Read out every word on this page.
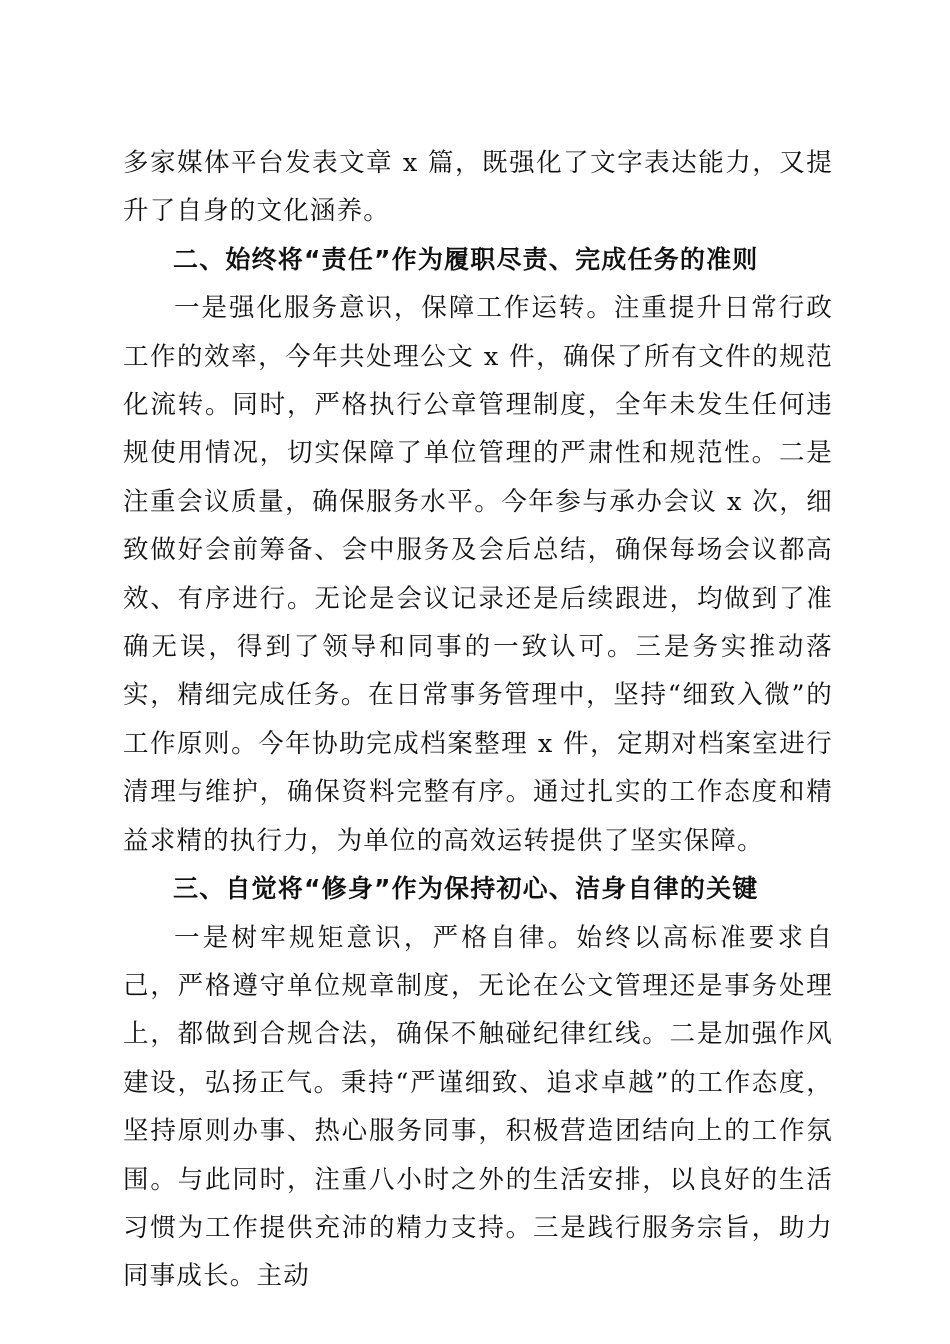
多家媒体平台发表文章 x 篇，既强化了文字表达能力，又提升了自身的文化涵养。

二、始终将“责任”作为履职尽责、完成任务的准则

一是强化服务意识，保障工作运转。注重提升日常行政工作的效率，今年共处理公文 x 件，确保了所有文件的规范化流转。同时，严格执行公章管理制度，全年未发生任何违规使用情况，切实保障了单位管理的严肃性和规范性。二是注重会议质量，确保服务水平。今年参与承办会议 x 次，细致做好会前筹备、会中服务及会后总结，确保每场会议都高效、有序进行。无论是会议记录还是后续跟进，均做到了准确无误，得到了领导和同事的一致认可。三是务实推动落实，精细完成任务。在日常事务管理中，坚持“细致入微”的工作原则。今年协助完成档案整理 x 件，定期对档案室进行清理与维护，确保资料完整有序。通过扎实的工作态度和精益求精的执行力，为单位的高效运转提供了坚实保障。

三、自觉将“修身”作为保持初心、洁身自律的关键

一是树牢规矩意识，严格自律。始终以高标准要求自己，严格遵守单位规章制度，无论在公文管理还是事务处理上，都做到合规合法，确保不触碰纪律红线。二是加强作风建设，弘扬正气。秉持“严谨细致、追求卓越”的工作态度，坚持原则办事、热心服务同事，积极营造团结向上的工作氛围。与此同时，注重八小时之外的生活安排，以良好的生活习惯为工作提供充沛的精力支持。三是践行服务宗旨，助力同事成长。主动
